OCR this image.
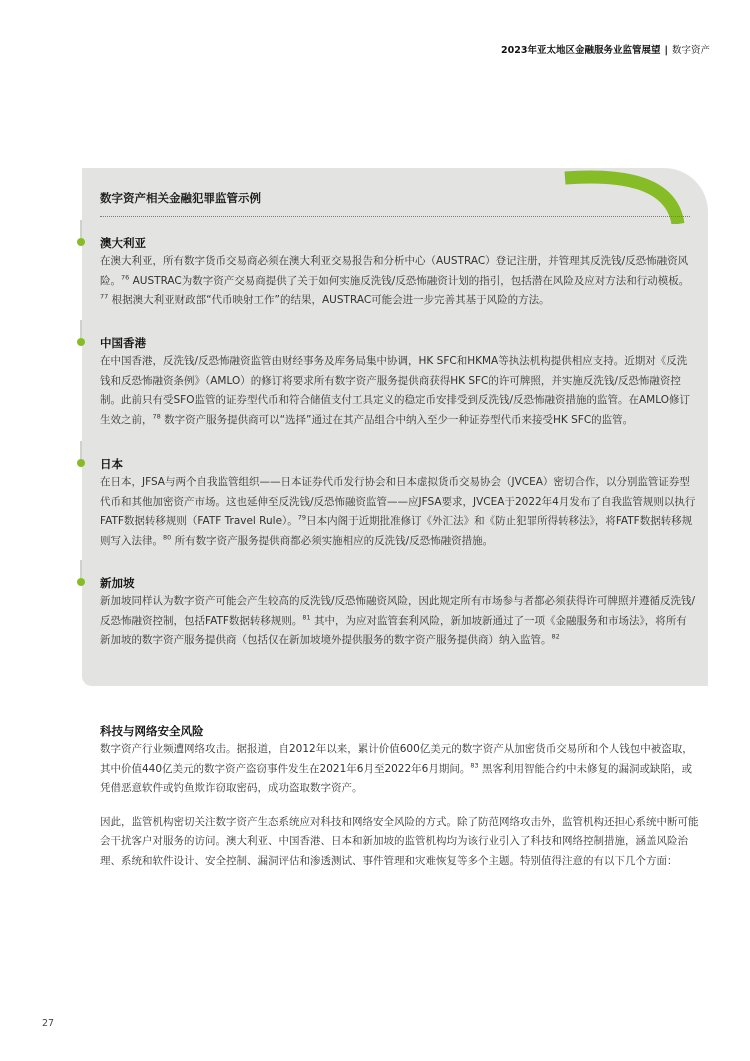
2023年亚太地区金融服务业监管展望 | 数字资产
数字资产相关金融犯罪监管示例
澳大利亚
在澳大利亚，所有数字货币交易商必须在澳大利亚交易报告和分析中心（AUSTRAC）登记注册，并管理其反洗钱/反恐怖融资风险。$^{76}$ AUSTRAC为数字资产交易商提供了关于如何实施反洗钱/反恐怖融资计划的指引，包括潜在风险及应对方法和行动模板。$^{77}$ 根据澳大利亚财政部“代币映射工作”的结果，AUSTRAC可能会进一步完善其基于风险的方法。
中国香港
在中国香港，反洗钱/反恐怖融资监管由财经事务及库务局集中协调，HK SFC和HKMA等执法机构提供相应支持。近期对《反洗钱和反恐怖融资条例》（AMLO）的修订将要求所有数字资产服务提供商获得HK SFC的许可牌照，并实施反洗钱/反恐怖融资控制。此前只有受SFO监管的证券型代币和符合储值支付工具定义的稳定币安排受到反洗钱/反恐怖融资措施的监管。在AMLO修订生效之前，$^{78}$ 数字资产服务提供商可以“选择”通过在其产品组合中纳入至少一种证券型代币来接受HK SFC的监管。
日本
在日本，JFSA与两个自我监管组织——日本证券代币发行协会和日本虚拟货币交易协会（JVCEA）密切合作，以分别监管证券型代币和其他加密资产市场。这也延伸至反洗钱/反恐怖融资监管——应JFSA要求，JVCEA于2022年4月发布了自我监管规则以执行FATF数据转移规则（FATF Travel Rule）。$^{79}$日本内阁于近期批准修订《外汇法》和《防止犯罪所得转移法》，将FATF数据转移规则写入法律。$^{80}$ 所有数字资产服务提供商都必须实施相应的反洗钱/反恐怖融资措施。
新加坡
新加坡同样认为数字资产可能会产生较高的反洗钱/反恐怖融资风险，因此规定所有市场参与者都必须获得许可牌照并遵循反洗钱/反恐怖融资控制，包括FATF数据转移规则。$^{81}$ 其中，为应对监管套利风险，新加坡新通过了一项《金融服务和市场法》，将所有新加坡的数字资产服务提供商（包括仅在新加坡境外提供服务的数字资产服务提供商）纳入监管。$^{82}$
科技与网络安全风险
数字资产行业频遭网络攻击。据报道，自2012年以来，累计价值600亿美元的数字资产从加密货币交易所和个人钱包中被盗取，其中价值440亿美元的数字资产盗窃事件发生在2021年6月至2022年6月期间。$^{83}$ 黑客利用智能合约中未修复的漏洞或缺陷，或凭借恶意软件或钓鱼欺诈窃取密码，成功盗取数字资产。
因此，监管机构密切关注数字资产生态系统应对科技和网络安全风险的方式。除了防范网络攻击外，监管机构还担心系统中断可能会干扰客户对服务的访问。澳大利亚、中国香港、日本和新加坡的监管机构均为该行业引入了科技和网络控制措施，涵盖风险治理、系统和软件设计、安全控制、漏洞评估和渗透测试、事件管理和灾难恢复等多个主题。特别值得注意的有以下几个方面：
27
